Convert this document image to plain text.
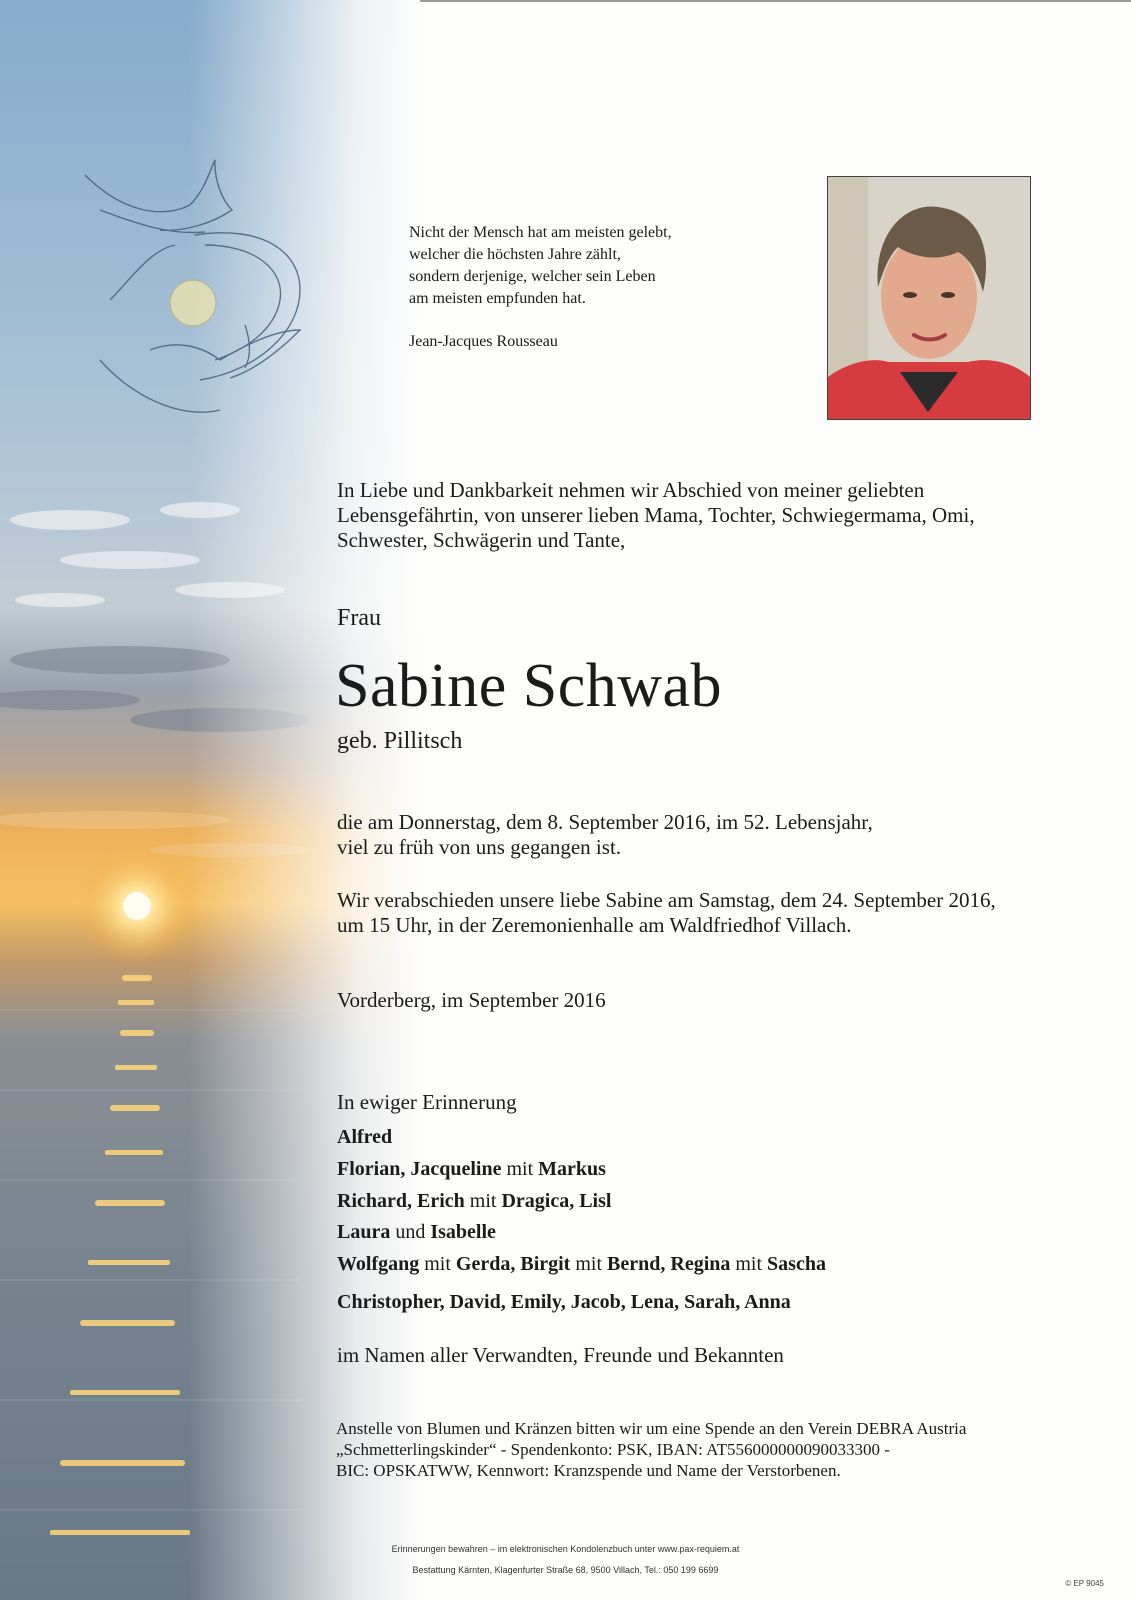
Nicht der Mensch hat am meisten gelebt,
welcher die höchsten Jahre zählt,
sondern derjenige, welcher sein Leben
am meisten empfunden hat.
Jean-Jacques Rousseau
In Liebe und Dankbarkeit nehmen wir Abschied von meiner geliebten
Lebensgefährtin, von unserer lieben Mama, Tochter, Schwiegermama, Omi,
Schwester, Schwägerin und Tante,
Frau
Sabine Schwab
geb. Pillitsch
die am Donnerstag, dem 8. September 2016, im 52. Lebensjahr,
viel zu früh von uns gegangen ist.
Wir verabschieden unsere liebe Sabine am Samstag, dem 24. September 2016,
um 15 Uhr, in der Zeremonienhalle am Waldfriedhof Villach.
Vorderberg, im September 2016
In ewiger Erinnerung
Alfred
Florian, Jacqueline mit Markus
Richard, Erich mit Dragica, Lisl
Laura und Isabelle
Wolfgang mit Gerda, Birgit mit Bernd, Regina mit Sascha
Christopher, David, Emily, Jacob, Lena, Sarah, Anna
im Namen aller Verwandten, Freunde und Bekannten
Anstelle von Blumen und Kränzen bitten wir um eine Spende an den Verein DEBRA Austria
„Schmetterlingskinder“ - Spendenkonto: PSK, IBAN: AT556000000090033300 -
BIC: OPSKATWW, Kennwort: Kranzspende und Name der Verstorbenen.
Erinnerungen bewahren – im elektronischen Kondolenzbuch unter www.pax-requiem.at
Bestattung Kärnten, Klagenfurter Straße 68, 9500 Villach, Tel.: 050 199 6699
© EP 9045
